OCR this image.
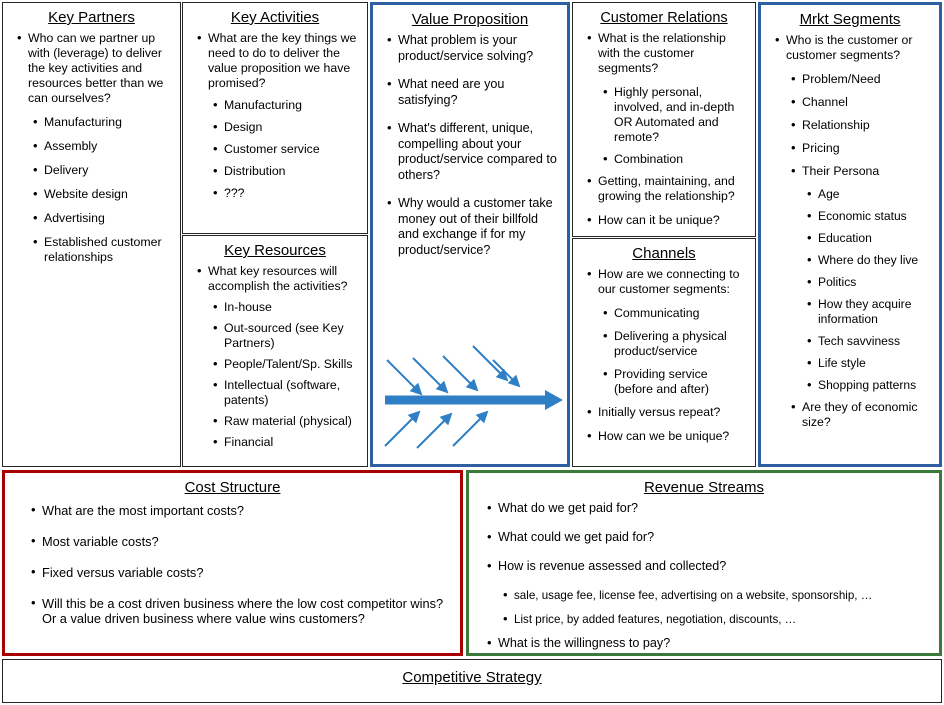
Key Partners
• Who can we partner up with (leverage) to deliver the key activities and resources better than we can ourselves?
• Manufacturing
• Assembly
• Delivery
• Website design
• Advertising
• Established customer relationships
Key Activities
• What are the key things we need to do to deliver the value proposition we have promised?
• Manufacturing
• Design
• Customer service
• Distribution
• ???
Key Resources
• What key resources will accomplish the activities?
• In-house
• Out-sourced (see Key Partners)
• People/Talent/Sp. Skills
• Intellectual (software, patents)
• Raw material (physical)
• Financial
Value Proposition
• What problem is your product/service solving?
• What need are you satisfying?
• What's different, unique, compelling about your product/service compared to others?
• Why would a customer take money out of their billfold and exchange if for my product/service?
Customer Relations
• What is the relationship with the customer segments?
• Highly personal, involved, and in-depth OR Automated and remote?
• Combination
• Getting, maintaining, and growing the relationship?
• How can it be unique?
Channels
• How are we connecting to our customer segments:
• Communicating
• Delivering a physical product/service
• Providing service (before and after)
• Initially versus repeat?
• How can we be unique?
Mrkt Segments
• Who is the customer or customer segments?
• Problem/Need
• Channel
• Relationship
• Pricing
• Their Persona
• Age
• Economic status
• Education
• Where do they live
• Politics
• How they acquire information
• Tech savviness
• Life style
• Shopping patterns
• Are they of economic size?
Cost Structure
• What are the most important costs?
• Most variable costs?
• Fixed versus variable costs?
• Will this be a cost driven business where the low cost competitor wins? Or a value driven business where value wins customers?
Revenue Streams
• What do we get paid for?
• What could we get paid for?
• How is revenue assessed and collected?
• sale, usage fee, license fee, advertising on a website, sponsorship, …
• List price, by added features, negotiation, discounts, …
• What is the willingness to pay?
Competitive Strategy
